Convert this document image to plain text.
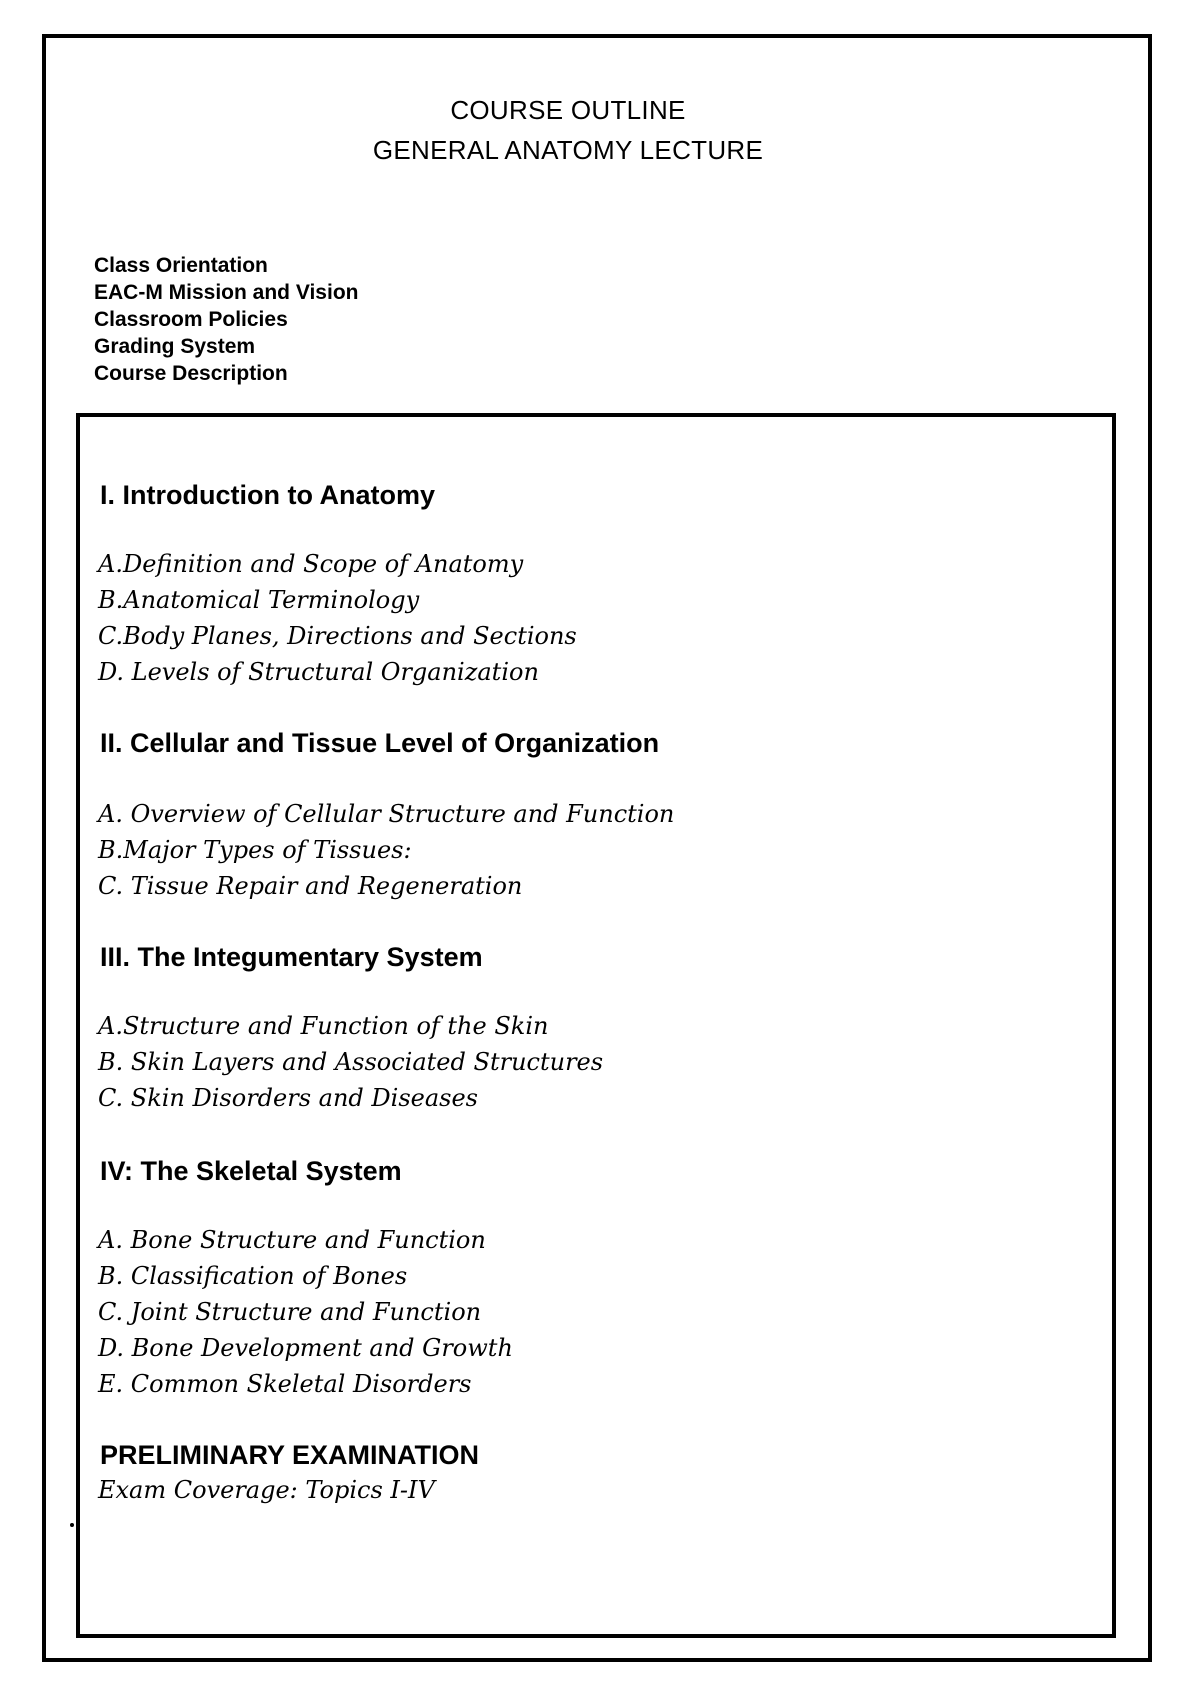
COURSE OUTLINE
GENERAL ANATOMY LECTURE
Class Orientation
EAC-M Mission and Vision
Classroom Policies
Grading System
Course Description
I. Introduction to Anatomy
A.Definition and Scope of Anatomy
B.Anatomical Terminology
C.Body Planes, Directions and Sections
D. Levels of Structural Organization
II. Cellular and Tissue Level of Organization
A. Overview of Cellular Structure and Function
B.Major Types of Tissues:
C. Tissue Repair and Regeneration
III. The Integumentary System
A.Structure and Function of the Skin
B. Skin Layers and Associated Structures
C. Skin Disorders and Diseases
IV: The Skeletal System
A. Bone Structure and Function
B. Classification of Bones
C. Joint Structure and Function
D. Bone Development and Growth
E. Common Skeletal Disorders
PRELIMINARY EXAMINATION
Exam Coverage: Topics I-IV
